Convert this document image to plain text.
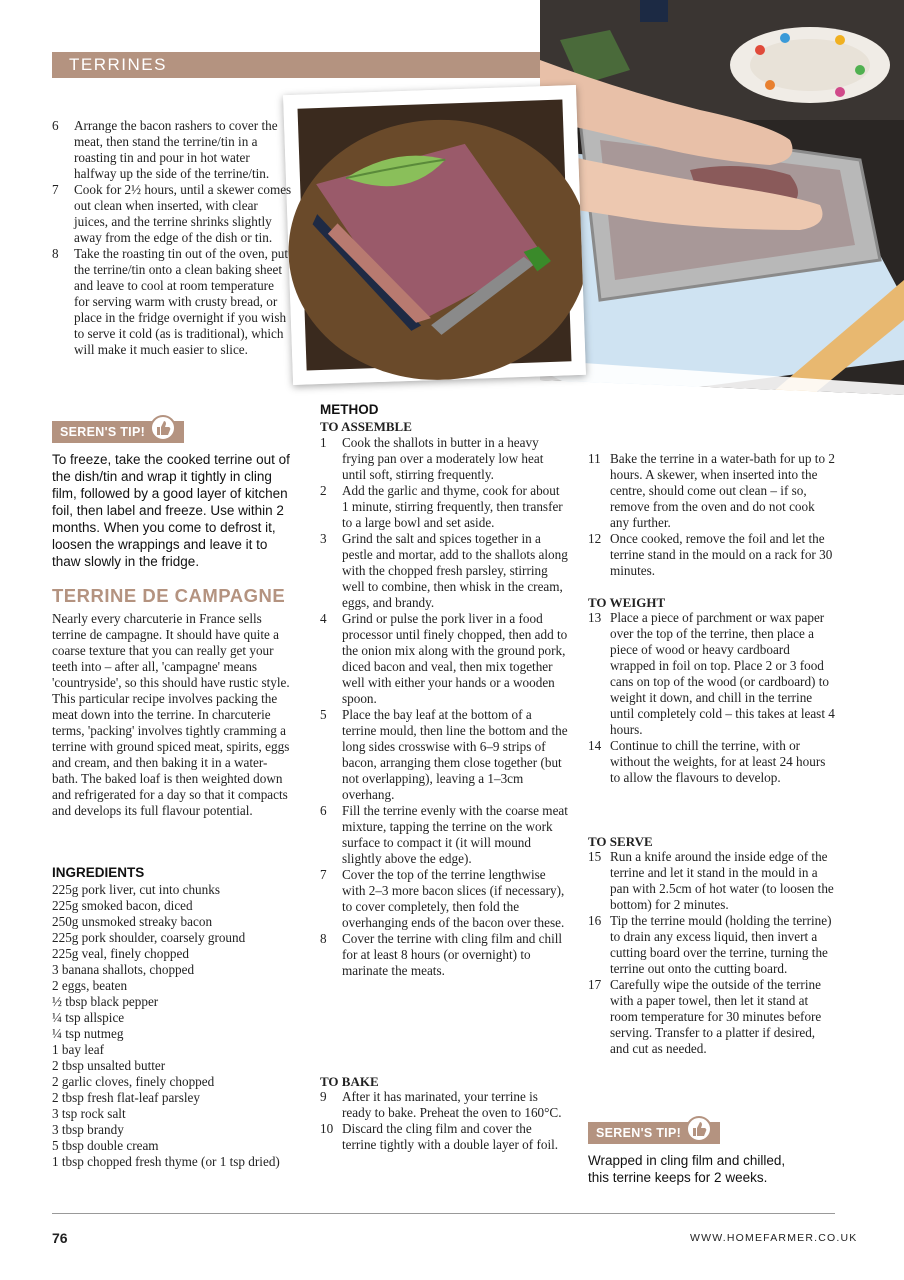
TERRINES
6 Arrange the bacon rashers to cover the meat, then stand the terrine/tin in a roasting tin and pour in hot water halfway up the side of the terrine/tin.
7 Cook for 2½ hours, until a skewer comes out clean when inserted, with clear juices, and the terrine shrinks slightly away from the edge of the dish or tin.
8 Take the roasting tin out of the oven, put the terrine/tin onto a clean baking sheet and leave to cool at room temperature for serving warm with crusty bread, or place in the fridge overnight if you wish to serve it cold (as is traditional), which will make it much easier to slice.
SEREN'S TIP!
To freeze, take the cooked terrine out of the dish/tin and wrap it tightly in cling film, followed by a good layer of kitchen foil, then label and freeze. Use within 2 months. When you come to defrost it, loosen the wrappings and leave it to thaw slowly in the fridge.
TERRINE DE CAMPAGNE
Nearly every charcuterie in France sells terrine de campagne. It should have quite a coarse texture that you can really get your teeth into – after all, 'campagne' means 'countryside', so this should have rustic style. This particular recipe involves packing the meat down into the terrine. In charcuterie terms, 'packing' involves tightly cramming a terrine with ground spiced meat, spirits, eggs and cream, and then baking it in a water-bath. The baked loaf is then weighted down and refrigerated for a day so that it compacts and develops its full flavour potential.
INGREDIENTS
225g pork liver, cut into chunks
225g smoked bacon, diced
250g unsmoked streaky bacon
225g pork shoulder, coarsely ground
225g veal, finely chopped
3 banana shallots, chopped
2 eggs, beaten
½ tbsp black pepper
¼ tsp allspice
¼ tsp nutmeg
1 bay leaf
2 tbsp unsalted butter
2 garlic cloves, finely chopped
2 tbsp fresh flat-leaf parsley
3 tsp rock salt
3 tbsp brandy
5 tbsp double cream
1 tbsp chopped fresh thyme (or 1 tsp dried)
METHOD
TO ASSEMBLE
1 Cook the shallots in butter in a heavy frying pan over a moderately low heat until soft, stirring frequently.
2 Add the garlic and thyme, cook for about 1 minute, stirring frequently, then transfer to a large bowl and set aside.
3 Grind the salt and spices together in a pestle and mortar, add to the shallots along with the chopped fresh parsley, stirring well to combine, then whisk in the cream, eggs, and brandy.
4 Grind or pulse the pork liver in a food processor until finely chopped, then add to the onion mix along with the ground pork, diced bacon and veal, then mix together well with either your hands or a wooden spoon.
5 Place the bay leaf at the bottom of a terrine mould, then line the bottom and the long sides crosswise with 6–9 strips of bacon, arranging them close together (but not overlapping), leaving a 1–3cm overhang.
6 Fill the terrine evenly with the coarse meat mixture, tapping the terrine on the work surface to compact it (it will mound slightly above the edge).
7 Cover the top of the terrine lengthwise with 2–3 more bacon slices (if necessary), to cover completely, then fold the overhanging ends of the bacon over these.
8 Cover the terrine with cling film and chill for at least 8 hours (or overnight) to marinate the meats.
TO BAKE
9 After it has marinated, your terrine is ready to bake. Preheat the oven to 160°C.
10 Discard the cling film and cover the terrine tightly with a double layer of foil.
11 Bake the terrine in a water-bath for up to 2 hours. A skewer, when inserted into the centre, should come out clean – if so, remove from the oven and do not cook any further.
12 Once cooked, remove the foil and let the terrine stand in the mould on a rack for 30 minutes.
TO WEIGHT
13 Place a piece of parchment or wax paper over the top of the terrine, then place a piece of wood or heavy cardboard wrapped in foil on top. Place 2 or 3 food cans on top of the wood (or cardboard) to weight it down, and chill in the terrine until completely cold – this takes at least 4 hours.
14 Continue to chill the terrine, with or without the weights, for at least 24 hours to allow the flavours to develop.
TO SERVE
15 Run a knife around the inside edge of the terrine and let it stand in the mould in a pan with 2.5cm of hot water (to loosen the bottom) for 2 minutes.
16 Tip the terrine mould (holding the terrine) to drain any excess liquid, then invert a cutting board over the terrine, turning the terrine out onto the cutting board.
17 Carefully wipe the outside of the terrine with a paper towel, then let it stand at room temperature for 30 minutes before serving. Transfer to a platter if desired, and cut as needed.
SEREN'S TIP!
Wrapped in cling film and chilled, this terrine keeps for 2 weeks.
76	WWW.HOMEFARMER.CO.UK
